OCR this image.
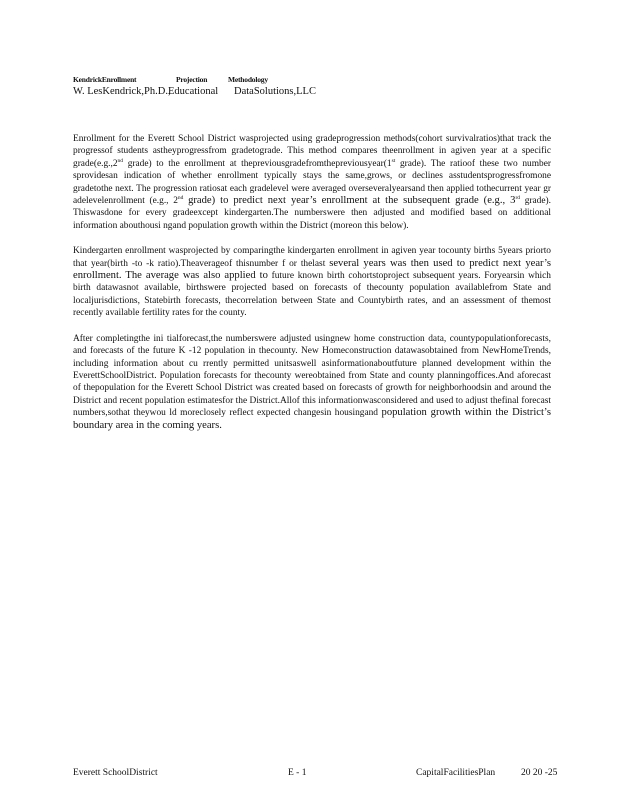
KendrickEnrollment	Projection	Methodology
W. LesKendrick,Ph.D.,Educational DataSolutions,LLC

Enrollment for the Everett School District wasprojected using gradeprogression methods(cohort survivalratios)that track the progressof students astheyprogressfrom gradetograde. This method compares theenrollment in agiven year at a specific grade(e.g.,2nd grade) to the enrollment at thepreviousgradefromthepreviousyear(1st grade). The ratioof these two number sprovidesan indication of whether enrollment typically stays the same,grows, or declines asstudentsprogressfromone gradetothe next. The progression ratiosat each gradelevel were averaged overseveralyearsand then applied tothecurrent year gr adelevelenrollment (e.g., 2nd grade) to predict next year’s enrollment at the subsequent grade (e.g., 3rd grade). Thiswasdone for every gradeexcept kindergarten.The numberswere then adjusted and modified based on additional information abouthousi ngand population growth within the District (moreon this below).

Kindergarten enrollment wasprojected by comparingthe kindergarten enrollment in agiven year tocounty births 5years priorto that year(birth -to -k ratio).Theaverageof thisnumber f or thelast several years was then used to predict next year’s enrollment. The average was also applied to future known birth cohortstoproject subsequent years. Foryearsin which birth datawasnot available, birthswere projected based on forecasts of thecounty population availablefrom State and localjurisdictions, Statebirth forecasts, thecorrelation between State and Countybirth rates, and an assessment of themost recently available fertility rates for the county.

After completingthe ini tialforecast,the numberswere adjusted usingnew home construction data, countypopulationforecasts, and forecasts of the future K -12 population in thecounty. New Homeconstruction datawasobtained from NewHomeTrends, including information about cu rrently permitted unitsaswell asinformationaboutfuture planned development within the EverettSchoolDistrict. Population forecasts for thecounty wereobtained from State and county planningoffices.And aforecast of thepopulation for the Everett School District was created based on forecasts of growth for neighborhoodsin and around the District and recent population estimatesfor the District.Allof this informationwasconsidered and used to adjust thefinal forecast numbers,sothat theywou ld moreclosely reflect expected changesin housingand population growth within the District’s boundary area in the coming years.

Everett SchoolDistrict	E - 1	CapitalFacilitiesPlan	20 20 -25
